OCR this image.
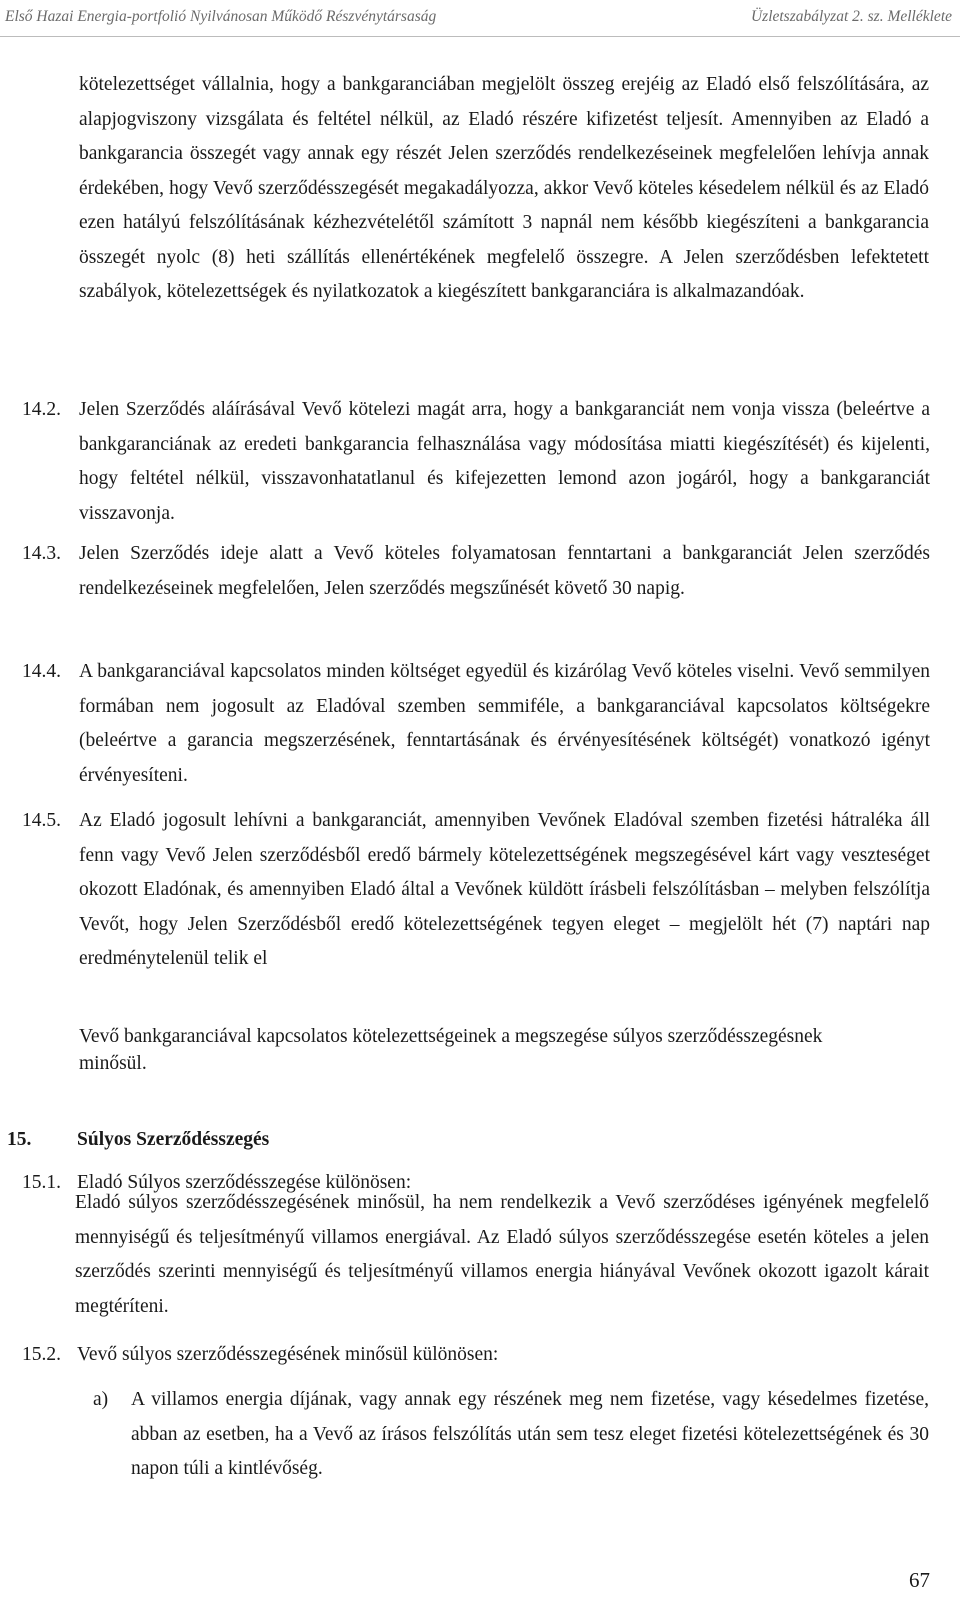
Első Hazai Energia-portfolió Nyilvánosan Működő Részvénytársaság	Üzletszabályzat 2. sz. Melléklete

kötelezettséget vállalnia, hogy a bankgaranciában megjelölt összeg erejéig az Eladó első felszólítására, az alapjogviszony vizsgálata és feltétel nélkül, az Eladó részére kifizetést teljesít. Amennyiben az Eladó a bankgarancia összegét vagy annak egy részét Jelen szerződés rendelkezéseinek megfelelően lehívja annak érdekében, hogy Vevő szerződésszegését megakadályozza, akkor Vevő köteles késedelem nélkül és az Eladó ezen hatályú felszólításának kézhezvételétől számított 3 napnál nem később kiegészíteni a bankgarancia összegét nyolc (8) heti szállítás ellenértékének megfelelő összegre. A Jelen szerződésben lefektetett szabályok, kötelezettségek és nyilatkozatok a kiegészített bankgaranciára is alkalmazandóak.

14.2. Jelen Szerződés aláírásával Vevő kötelezi magát arra, hogy a bankgaranciát nem vonja vissza (beleértve a bankgaranciának az eredeti bankgarancia felhasználása vagy módosítása miatti kiegészítését) és kijelenti, hogy feltétel nélkül, visszavonhatatlanul és kifejezetten lemond azon jogáról, hogy a bankgaranciát visszavonja.

14.3. Jelen Szerződés ideje alatt a Vevő köteles folyamatosan fenntartani a bankgaranciát Jelen szerződés rendelkezéseinek megfelelően, Jelen szerződés megszűnését követő 30 napig.

14.4. A bankgaranciával kapcsolatos minden költséget egyedül és kizárólag Vevő köteles viselni. Vevő semmilyen formában nem jogosult az Eladóval szemben semmiféle, a bankgaranciával kapcsolatos költségekre (beleértve a garancia megszerzésének, fenntartásának és érvényesítésének költségét) vonatkozó igényt érvényesíteni.

14.5. Az Eladó jogosult lehívni a bankgaranciát, amennyiben Vevőnek Eladóval szemben fizetési hátraléka áll fenn vagy Vevő Jelen szerződésből eredő bármely kötelezettségének megszegésével kárt vagy veszteséget okozott Eladónak, és amennyiben Eladó által a Vevőnek küldött írásbeli felszólításban – melyben felszólítja Vevőt, hogy Jelen Szerződésből eredő kötelezettségének tegyen eleget – megjelölt hét (7) naptári nap eredménytelenül telik el

Vevő bankgaranciával kapcsolatos kötelezettségeinek a megszegése súlyos szerződésszegésnek minősül.

15. Súlyos Szerződésszegés
15.1. Eladó Súlyos szerződésszegése különösen:

Eladó súlyos szerződésszegésének minősül, ha nem rendelkezik a Vevő szerződéses igényének megfelelő mennyiségű és teljesítményű villamos energiával. Az Eladó súlyos szerződésszegése esetén köteles a jelen szerződés szerinti mennyiségű és teljesítményű villamos energia hiányával Vevőnek okozott igazolt kárait megtéríteni.

15.2. Vevő súlyos szerződésszegésének minősül különösen:
a) A villamos energia díjának, vagy annak egy részének meg nem fizetése, vagy késedelmes fizetése, abban az esetben, ha a Vevő az írásos felszólítás után sem tesz eleget fizetési kötelezettségének és 30 napon túli a kintlévőség.

67
